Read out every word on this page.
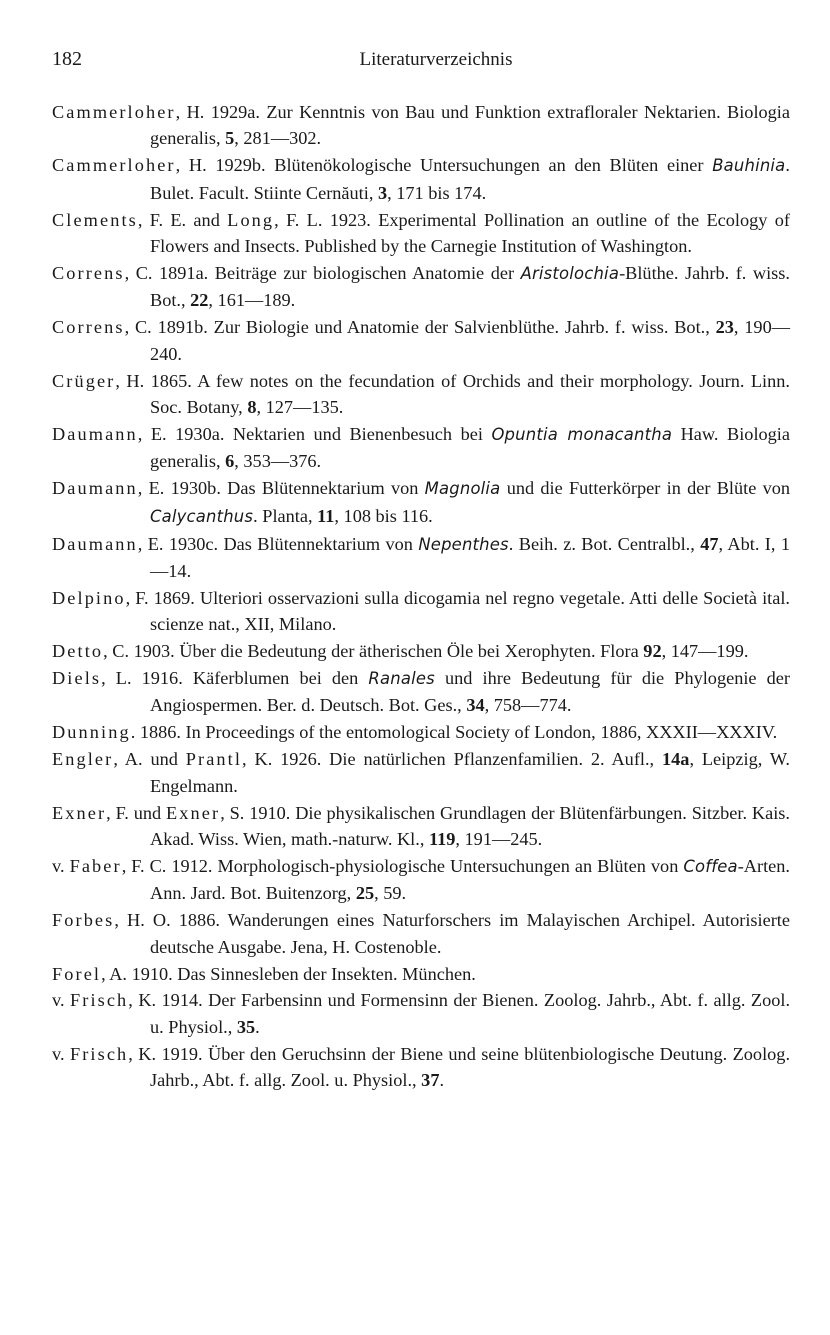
182	Literaturverzeichnis
Cammerloher, H. 1929a. Zur Kenntnis von Bau und Funktion extrafloraler Nektarien. Biologia generalis, 5, 281—302.
Cammerloher, H. 1929b. Blütenökologische Untersuchungen an den Blüten einer Bauhinia. Bulet. Facult. Stiinte Cernăuti, 3, 171 bis 174.
Clements, F. E. and Long, F. L. 1923. Experimental Pollination an outline of the Ecology of Flowers and Insects. Published by the Carnegie Institution of Washington.
Correns, C. 1891a. Beiträge zur biologischen Anatomie der Aristolochia-Blüthe. Jahrb. f. wiss. Bot., 22, 161—189.
Correns, C. 1891b. Zur Biologie und Anatomie der Salvienblüthe. Jahrb. f. wiss. Bot., 23, 190—240.
Crüger, H. 1865. A few notes on the fecundation of Orchids and their morphology. Journ. Linn. Soc. Botany, 8, 127—135.
Daumann, E. 1930a. Nektarien und Bienenbesuch bei Opuntia monacantha Haw. Biologia generalis, 6, 353—376.
Daumann, E. 1930b. Das Blütennektarium von Magnolia und die Futterkörper in der Blüte von Calycanthus. Planta, 11, 108 bis 116.
Daumann, E. 1930c. Das Blütennektarium von Nepenthes. Beih. z. Bot. Centralbl., 47, Abt. I, 1—14.
Delpino, F. 1869. Ulteriori osservazioni sulla dicogamia nel regno vegetale. Atti delle Società ital. scienze nat., XII, Milano.
Detto, C. 1903. Über die Bedeutung der ätherischen Öle bei Xerophyten. Flora 92, 147—199.
Diels, L. 1916. Käferblumen bei den Ranales und ihre Bedeutung für die Phylogenie der Angiospermen. Ber. d. Deutsch. Bot. Ges., 34, 758—774.
Dunning. 1886. In Proceedings of the entomological Society of London, 1886, XXXII—XXXIV.
Engler, A. und Prantl, K. 1926. Die natürlichen Pflanzenfamilien. 2. Aufl., 14a, Leipzig, W. Engelmann.
Exner, F. und Exner, S. 1910. Die physikalischen Grundlagen der Blütenfärbungen. Sitzber. Kais. Akad. Wiss. Wien, math.-naturw. Kl., 119, 191—245.
v. Faber, F. C. 1912. Morphologisch-physiologische Untersuchungen an Blüten von Coffea-Arten. Ann. Jard. Bot. Buitenzorg, 25, 59.
Forbes, H. O. 1886. Wanderungen eines Naturforschers im Malayischen Archipel. Autorisierte deutsche Ausgabe. Jena, H. Costenoble.
Forel, A. 1910. Das Sinnesleben der Insekten. München.
v. Frisch, K. 1914. Der Farbensinn und Formensinn der Bienen. Zoolog. Jahrb., Abt. f. allg. Zool. u. Physiol., 35.
v. Frisch, K. 1919. Über den Geruchsinn der Biene und seine blütenbiologische Deutung. Zoolog. Jahrb., Abt. f. allg. Zool. u. Physiol., 37.
